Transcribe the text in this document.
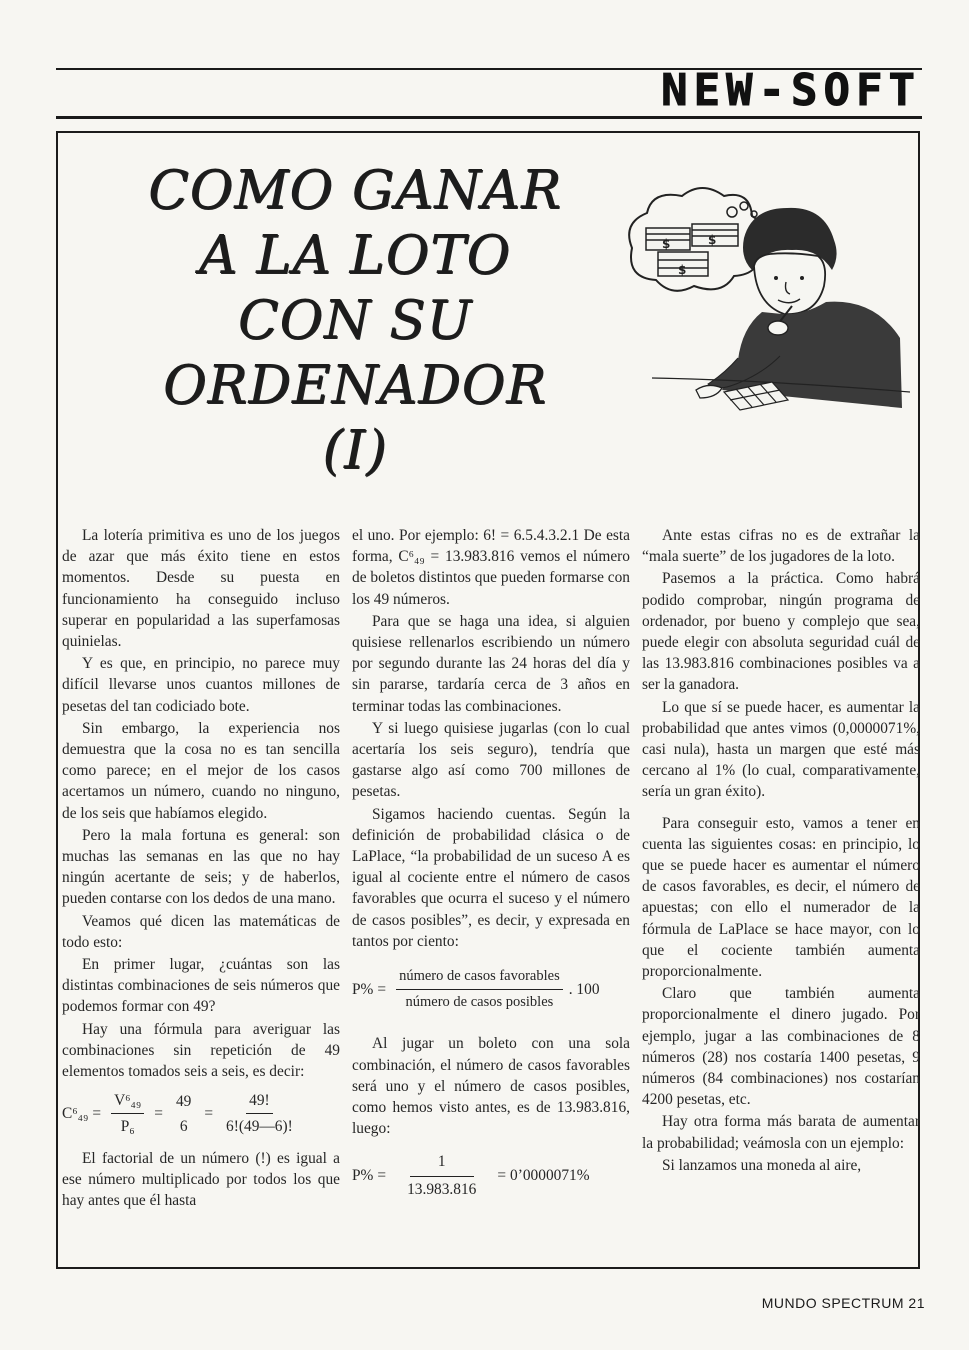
NEW-SOFT
COMO GANAR
A LA LOTO
CON SU
ORDENADOR
(I)
$	$
$

La lotería primitiva es uno de los juegos de azar que más éxito tiene en estos momentos. Desde su puesta en funcionamiento ha conseguido incluso superar en popularidad a las superfamosas quinielas.

Y es que, en principio, no parece muy difícil llevarse unos cuantos millones de pesetas del tan codiciado bote.

Sin embargo, la experiencia nos demuestra que la cosa no es tan sencilla como parece; en el mejor de los casos acertamos un número, cuando no ninguno, de los seis que habíamos elegido.

Pero la mala fortuna es general: son muchas las semanas en las que no hay ningún acertante de seis; y de haberlos, pueden contarse con los dedos de una mano.

Veamos qué dicen las matemáticas de todo esto:

En primer lugar, ¿cuántas son las distintas combinaciones de seis números que podemos formar con 49?

Hay una fórmula para averiguar las combinaciones sin repetición de 49 elementos tomados seis a seis, es decir:

$C^6_{49} = \frac{\text{V⁶₄₉}}{\text{P₆}}$ =
49
6
= $\frac{49!}{6!(49—6)!}$

El factorial de un número (!) es igual a ese número multiplicado por todos los que hay antes que él hasta

el uno. Por ejemplo: 6! = 6.5.4.3.2.1 De esta forma, C⁶₄₉ = 13.983.816 vemos el número de boletos distintos que pueden formarse con los 49 números.

Para que se haga una idea, si alguien quisiese rellenarlos escribiendo un número por segundo durante las 24 horas del día y sin pararse, tardaría cerca de 3 años en terminar todas las combinaciones.

Y si luego quisiese jugarlas (con lo cual acertaría los seis seguro), tendría que gastarse algo así como 700 millones de pesetas.

Sigamos haciendo cuentas. Según la definición de probabilidad clásica o de LaPlace, “la probabilidad de un suceso A es igual al cociente entre el número de casos favorables que ocurra el suceso y el número de casos posibles”, es decir, y expresada en tantos por ciento:

$P\% = \frac{\text{número de casos favorables}}{\text{número de casos posibles}}$ . 100

Al jugar un boleto con una sola combinación, el número de casos favorables será uno y el número de casos posibles, como hemos visto antes, es de 13.983.816, luego:

$P\% = \frac{1}{13.983.816}$ = 0’0000071%

Ante estas cifras no es de extrañar la “mala suerte” de los jugadores de la loto.

Pasemos a la práctica. Como habrá podido comprobar, ningún programa de ordenador, por bueno y complejo que sea, puede elegir con absoluta seguridad cuál de las 13.983.816 combinaciones posibles va a ser la ganadora.

Lo que sí se puede hacer, es aumentar la probabilidad que antes vimos (0,0000071%, casi nula), hasta un margen que esté más cercano al 1% (lo cual, comparativamente, sería un gran éxito).

Para conseguir esto, vamos a tener en cuenta las siguientes cosas: en principio, lo que se puede hacer es aumentar el número de casos favorables, es decir, el número de apuestas; con ello el numerador de la fórmula de LaPlace se hace mayor, con lo que el cociente también aumenta proporcionalmente.

Claro que también aumenta proporcionalmente el dinero jugado. Por ejemplo, jugar a las combinaciones de 8 números (28) nos costaría 1400 pesetas, 9 números (84 combinaciones) nos costarían 4200 pesetas, etc.

Hay otra forma más barata de aumentar la probabilidad; veámosla con un ejemplo:

Si lanzamos una moneda al aire,

MUNDO SPECTRUM 21
